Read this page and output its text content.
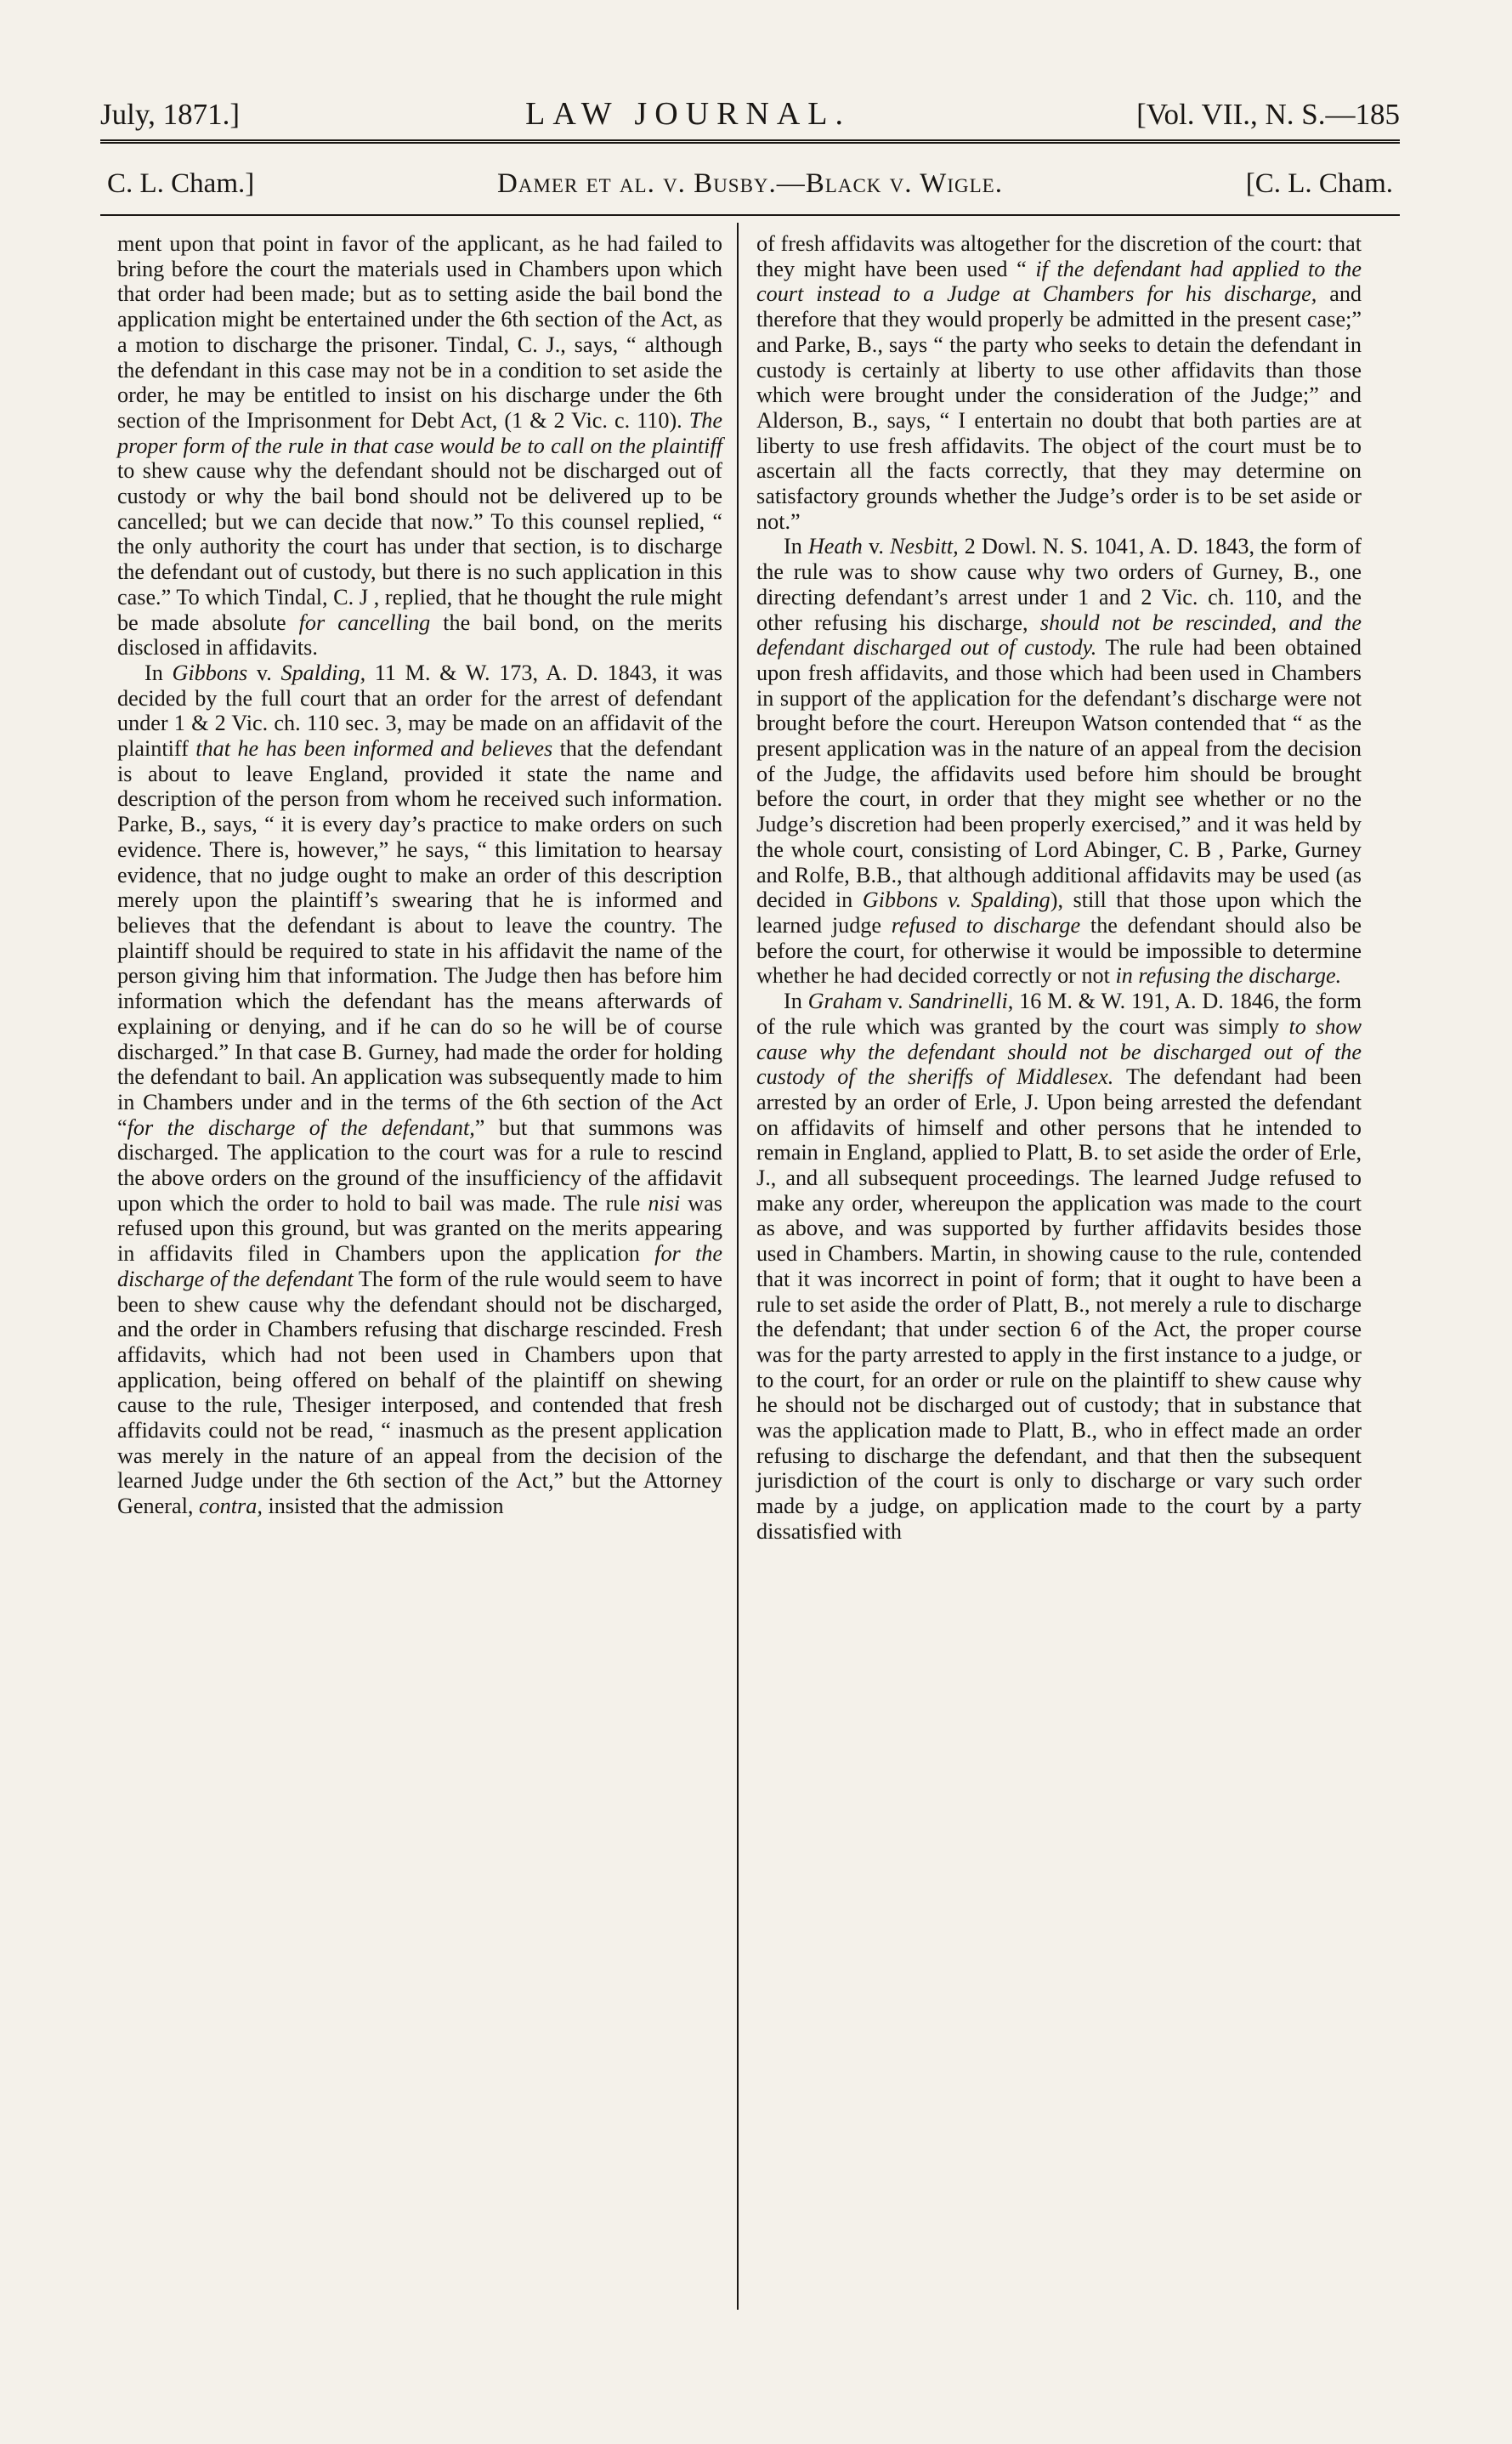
July, 1871.]	LAW JOURNAL.	[Vol. VII., N. S.—185
C. L. Cham.]	Damer et al. v. Busby.—Black v. Wigle.	[C. L. Cham.

ment upon that point in favor of the applicant, as he had failed to bring before the court the materials used in Chambers upon which that order had been made; but as to setting aside the bail bond the application might be entertained under the 6th section of the Act, as a motion to discharge the prisoner. Tindal, C. J., says, “ although the defendant in this case may not be in a condition to set aside the order, he may be entitled to insist on his discharge under the 6th section of the Imprisonment for Debt Act, (1 & 2 Vic. c. 110). The proper form of the rule in that case would be to call on the plaintiff to shew cause why the defendant should not be discharged out of custody or why the bail bond should not be delivered up to be cancelled; but we can decide that now.” To this counsel replied, “ the only authority the court has under that section, is to discharge the defendant out of custody, but there is no such application in this case.” To which Tindal, C. J , replied, that he thought the rule might be made absolute for cancelling the bail bond, on the merits disclosed in affidavits.

In Gibbons v. Spalding, 11 M. & W. 173, A. D. 1843, it was decided by the full court that an order for the arrest of defendant under 1 & 2 Vic. ch. 110 sec. 3, may be made on an affidavit of the plaintiff that he has been informed and believes that the defendant is about to leave England, provided it state the name and description of the person from whom he received such information. Parke, B., says, “ it is every day’s practice to make orders on such evidence. There is, however,” he says, “ this limitation to hearsay evidence, that no judge ought to make an order of this description merely upon the plaintiff’s swearing that he is informed and believes that the defendant is about to leave the country. The plaintiff should be required to state in his affidavit the name of the person giving him that information. The Judge then has before him information which the defendant has the means afterwards of explaining or denying, and if he can do so he will be of course discharged.” In that case B. Gurney, had made the order for holding the defendant to bail. An application was subsequently made to him in Chambers under and in the terms of the 6th section of the Act “for the discharge of the defendant,” but that summons was discharged. The application to the court was for a rule to rescind the above orders on the ground of the insufficiency of the affidavit upon which the order to hold to bail was made. The rule nisi was refused upon this ground, but was granted on the merits appearing in affidavits filed in Chambers upon the application for the discharge of the defendant The form of the rule would seem to have been to shew cause why the defendant should not be discharged, and the order in Chambers refusing that discharge rescinded. Fresh affidavits, which had not been used in Chambers upon that application, being offered on behalf of the plaintiff on shewing cause to the rule, Thesiger interposed, and contended that fresh affidavits could not be read, “ inasmuch as the present application was merely in the nature of an appeal from the decision of the learned Judge under the 6th section of the Act,” but the Attorney General, contra, insisted that the admission

of fresh affidavits was altogether for the discretion of the court: that they might have been used “ if the defendant had applied to the court instead to a Judge at Chambers for his discharge, and therefore that they would properly be admitted in the present case;” and Parke, B., says “ the party who seeks to detain the defendant in custody is certainly at liberty to use other affidavits than those which were brought under the consideration of the Judge;” and Alderson, B., says, “ I entertain no doubt that both parties are at liberty to use fresh affidavits. The object of the court must be to ascertain all the facts correctly, that they may determine on satisfactory grounds whether the Judge’s order is to be set aside or not.”

In Heath v. Nesbitt, 2 Dowl. N. S. 1041, A. D. 1843, the form of the rule was to show cause why two orders of Gurney, B., one directing defendant’s arrest under 1 and 2 Vic. ch. 110, and the other refusing his discharge, should not be rescinded, and the defendant discharged out of custody. The rule had been obtained upon fresh affidavits, and those which had been used in Chambers in support of the application for the defendant’s discharge were not brought before the court. Hereupon Watson contended that “ as the present application was in the nature of an appeal from the decision of the Judge, the affidavits used before him should be brought before the court, in order that they might see whether or no the Judge’s discretion had been properly exercised,” and it was held by the whole court, consisting of Lord Abinger, C. B , Parke, Gurney and Rolfe, B.B., that although additional affidavits may be used (as decided in Gibbons v. Spalding), still that those upon which the learned judge refused to discharge the defendant should also be before the court, for otherwise it would be impossible to determine whether he had decided correctly or not in refusing the discharge.

In Graham v. Sandrinelli, 16 M. & W. 191, A. D. 1846, the form of the rule which was granted by the court was simply to show cause why the defendant should not be discharged out of the custody of the sheriffs of Middlesex. The defendant had been arrested by an order of Erle, J. Upon being arrested the defendant on affidavits of himself and other persons that he intended to remain in England, applied to Platt, B. to set aside the order of Erle, J., and all subsequent proceedings. The learned Judge refused to make any order, whereupon the application was made to the court as above, and was supported by further affidavits besides those used in Chambers. Martin, in showing cause to the rule, contended that it was incorrect in point of form; that it ought to have been a rule to set aside the order of Platt, B., not merely a rule to discharge the defendant; that under section 6 of the Act, the proper course was for the party arrested to apply in the first instance to a judge, or to the court, for an order or rule on the plaintiff to shew cause why he should not be discharged out of custody; that in substance that was the application made to Platt, B., who in effect made an order refusing to discharge the defendant, and that then the subsequent jurisdiction of the court is only to discharge or vary such order made by a judge, on application made to the court by a party dissatisfied with
